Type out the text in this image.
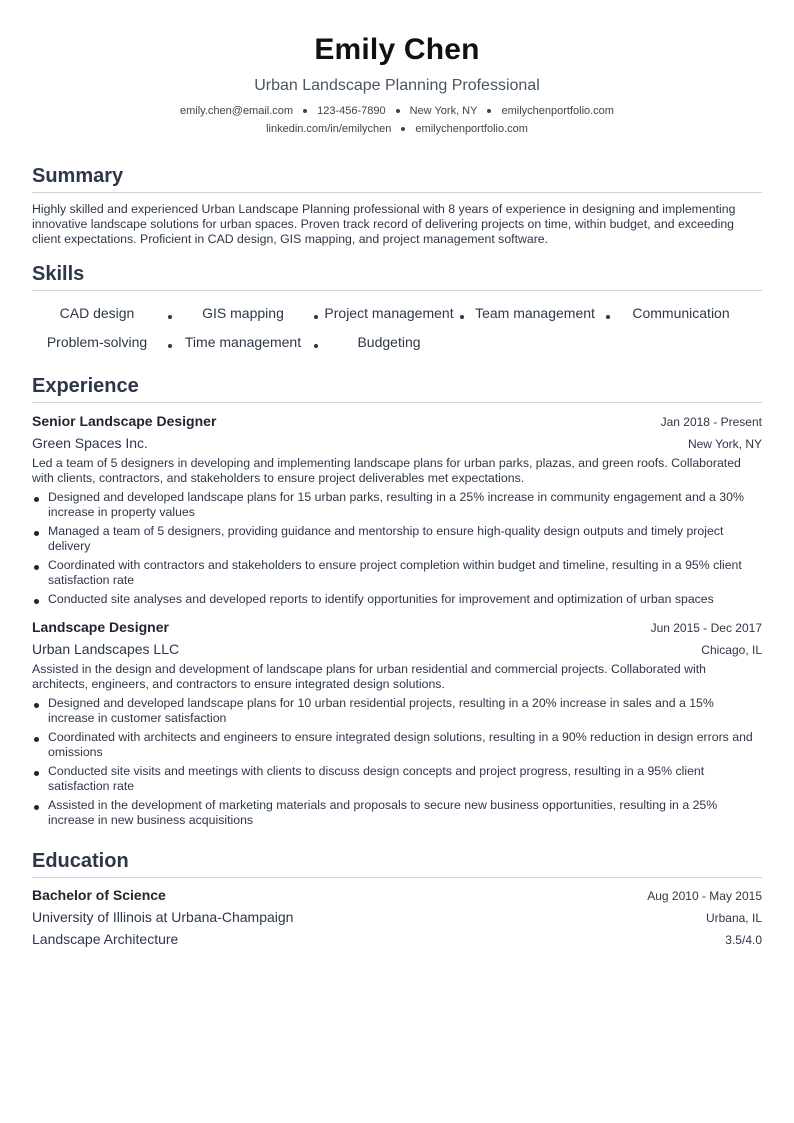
Emily Chen
Urban Landscape Planning Professional
emily.chen@email.com 123-456-7890 New York, NY emilychenportfolio.com
linkedin.com/in/emilychen emilychenportfolio.com
Summary

Highly skilled and experienced Urban Landscape Planning professional with 8 years of experience in designing and implementing innovative landscape solutions for urban spaces. Proven track record of delivering projects on time, within budget, and exceeding client expectations. Proficient in CAD design, GIS mapping, and project management software.

Skills
CAD design	GIS mapping	Project management	Team management	Communication
Problem-solving	Time management	Budgeting
Experience
Senior Landscape Designer	Jan 2018 - Present
Green Spaces Inc.	New York, NY

Led a team of 5 designers in developing and implementing landscape plans for urban parks, plazas, and green roofs. Collaborated with clients, contractors, and stakeholders to ensure project deliverables met expectations.

Designed and developed landscape plans for 15 urban parks, resulting in a 25% increase in community engagement and a 30% increase in property values
Managed a team of 5 designers, providing guidance and mentorship to ensure high-quality design outputs and timely project delivery
Coordinated with contractors and stakeholders to ensure project completion within budget and timeline, resulting in a 95% client satisfaction rate
Conducted site analyses and developed reports to identify opportunities for improvement and optimization of urban spaces
Landscape Designer	Jun 2015 - Dec 2017
Urban Landscapes LLC	Chicago, IL

Assisted in the design and development of landscape plans for urban residential and commercial projects. Collaborated with architects, engineers, and contractors to ensure integrated design solutions.

Designed and developed landscape plans for 10 urban residential projects, resulting in a 20% increase in sales and a 15% increase in customer satisfaction
Coordinated with architects and engineers to ensure integrated design solutions, resulting in a 90% reduction in design errors and omissions
Conducted site visits and meetings with clients to discuss design concepts and project progress, resulting in a 95% client satisfaction rate
Assisted in the development of marketing materials and proposals to secure new business opportunities, resulting in a 25% increase in new business acquisitions
Education
Bachelor of Science	Aug 2010 - May 2015
University of Illinois at Urbana-Champaign	Urbana, IL
Landscape Architecture	3.5/4.0
